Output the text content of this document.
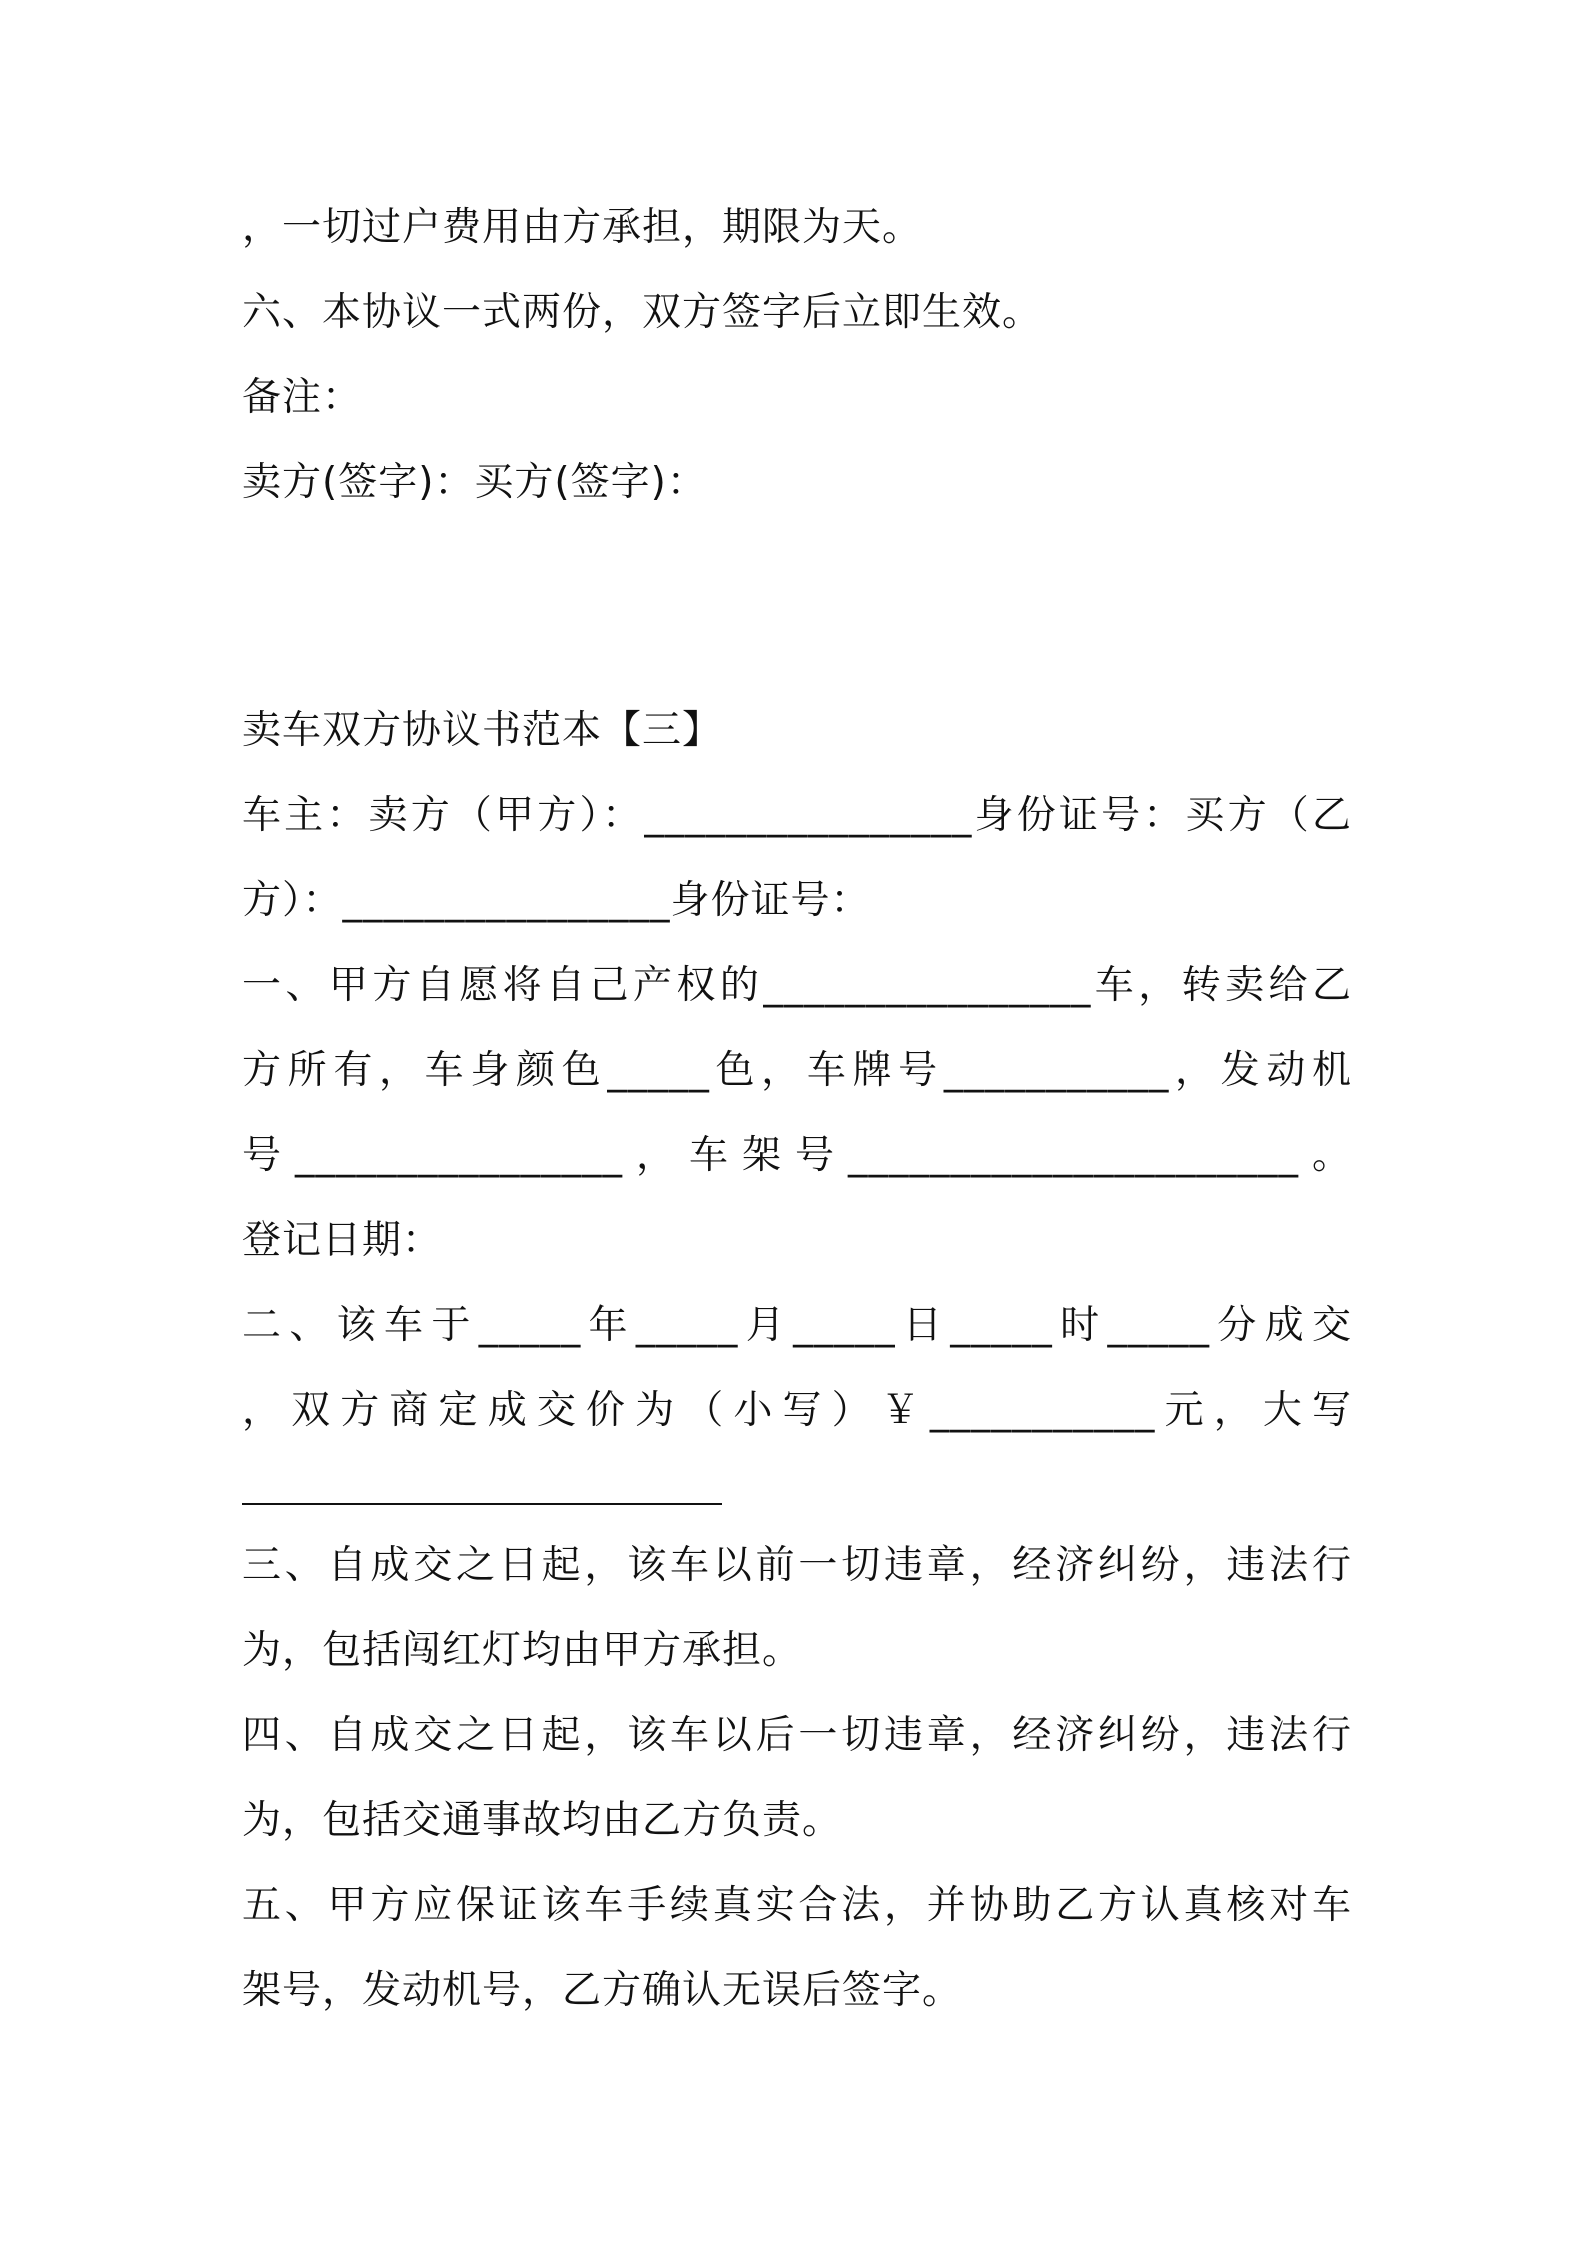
，一切过户费用由方承担，期限为天。
六、本协议一式两份，双方签字后立即生效。
备注：
卖方(签字)：买方(签字)：
卖车双方协议书范本【三】
车主：卖方（甲方）：________________身份证号：买方（乙
方）：________________身份证号：
一、甲方自愿将自己产权的________________车，转卖给乙
方所有，车身颜色_____色，车牌号___________，发动机
号________________，车架号______________________。
登记日期：
二、该车于_____年_____月_____日_____时_____分成交
，双方商定成交价为（小写）￥___________元，大写
三、自成交之日起，该车以前一切违章，经济纠纷，违法行
为，包括闯红灯均由甲方承担。
四、自成交之日起，该车以后一切违章，经济纠纷，违法行
为，包括交通事故均由乙方负责。
五、甲方应保证该车手续真实合法，并协助乙方认真核对车
架号，发动机号，乙方确认无误后签字。
